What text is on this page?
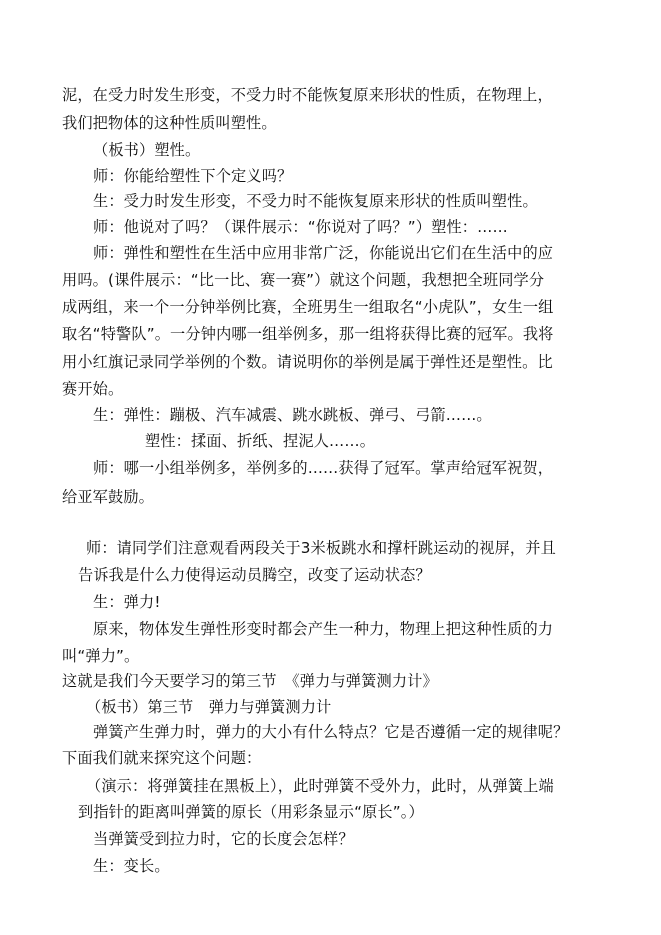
泥，在受力时发生形变，不受力时不能恢复原来形状的性质，在物理上，
我们把物体的这种性质叫塑性。
（板书）塑性。
师：你能给塑性下个定义吗？
生：受力时发生形变，不受力时不能恢复原来形状的性质叫塑性。
师：他说对了吗？（课件展示：“你说对了吗？”）塑性：……
师：弹性和塑性在生活中应用非常广泛，你能说出它们在生活中的应
用吗。(课件展示：“比一比、赛一赛”）就这个问题，我想把全班同学分
成两组，来一个一分钟举例比赛，全班男生一组取名“小虎队”，女生一组
取名“特警队”。一分钟内哪一组举例多，那一组将获得比赛的冠军。我将
用小红旗记录同学举例的个数。请说明你的举例是属于弹性还是塑性。比
赛开始。
生：弹性：蹦极、汽车减震、跳水跳板、弹弓、弓箭……。
塑性：揉面、折纸、捏泥人……。
师：哪一小组举例多，举例多的……获得了冠军。掌声给冠军祝贺，
给亚军鼓励。
师：请同学们注意观看两段关于3米板跳水和撑杆跳运动的视屏，并且
告诉我是什么力使得运动员腾空，改变了运动状态？
生：弹力!
原来，物体发生弹性形变时都会产生一种力，物理上把这种性质的力
叫“弹力”。
这就是我们今天要学习的第三节　《弹力与弹簧测力计》
（板书）第三节　弹力与弹簧测力计
弹簧产生弹力时，弹力的大小有什么特点？它是否遵循一定的规律呢？
下面我们就来探究这个问题：
（演示：将弹簧挂在黑板上），此时弹簧不受外力，此时，从弹簧上端
到指针的距离叫弹簧的原长（用彩条显示“原长”。）
当弹簧受到拉力时，它的长度会怎样？
生：变长。
